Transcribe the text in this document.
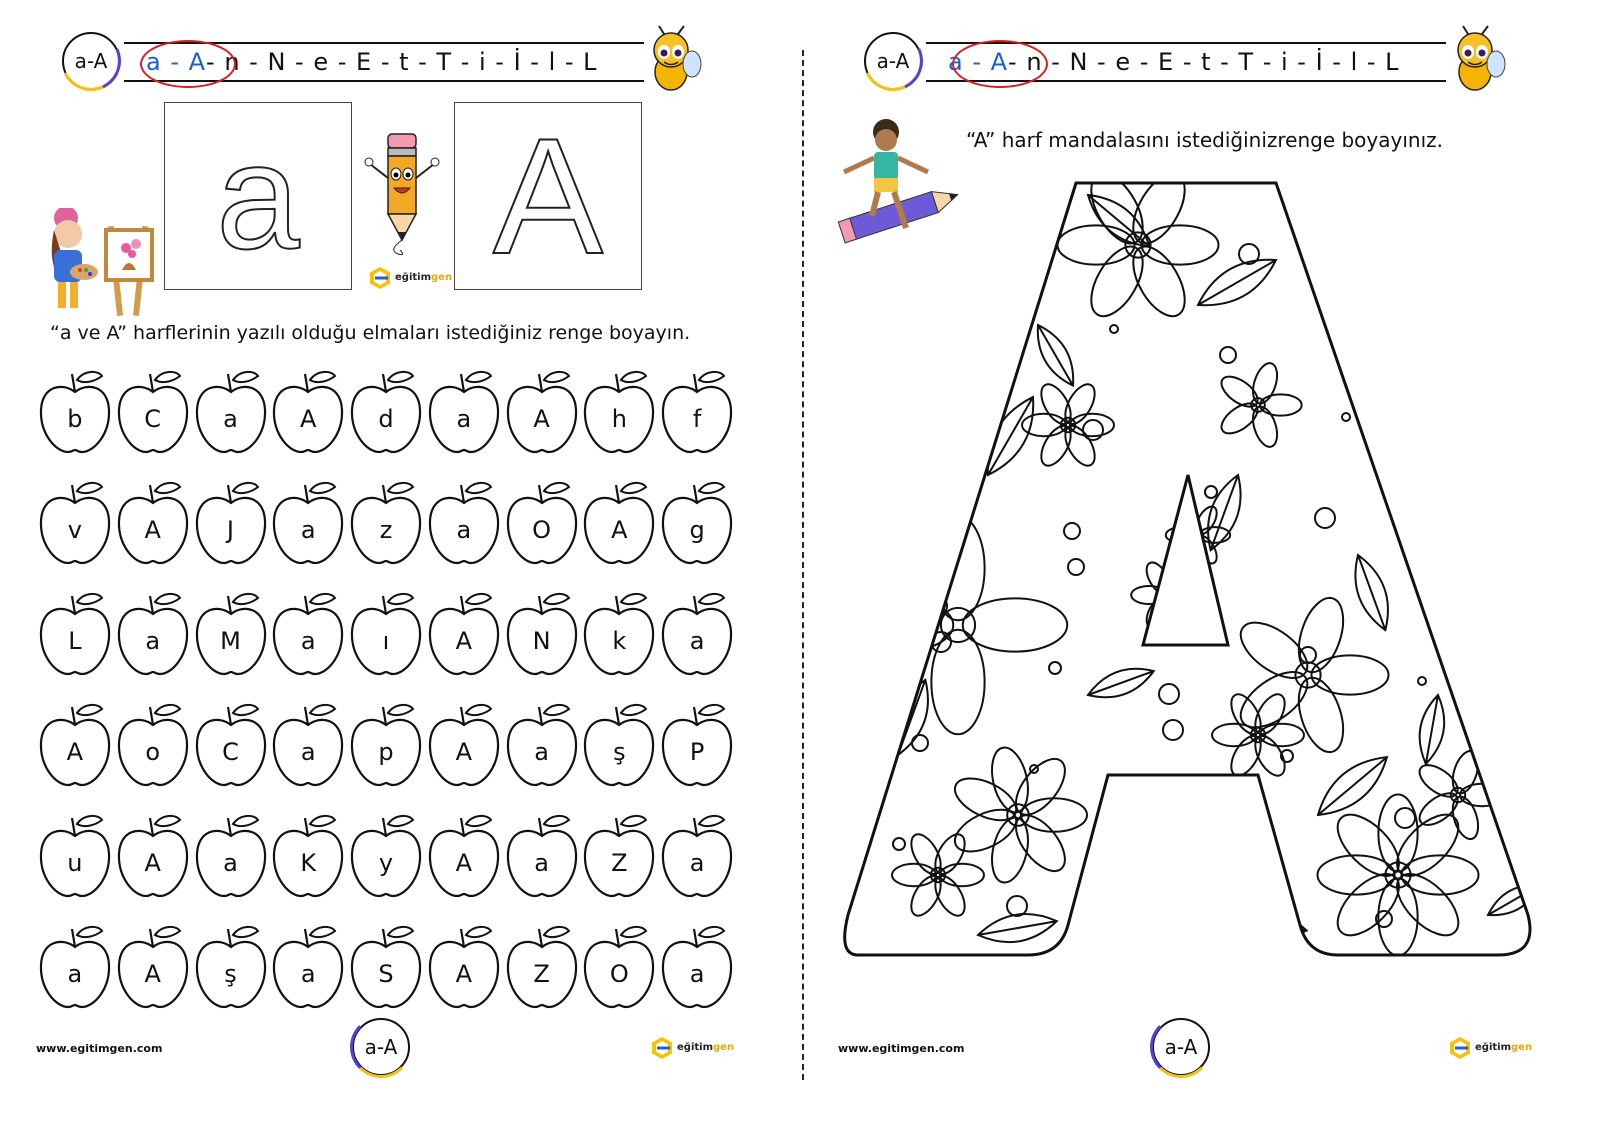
a-A a - A - n - N - e - E - t - T - i - İ - l - L
a	eğitimgen A
“a ve A” harflerinin yazılı olduğu elmaları istediğiniz renge boyayın.
b	C	a	A	d	a	A	h	f
v	A	J	a	z	a	O	A	g
L	a	M	a	ı	A	N	k	a
A	o	C	a	p	A	a	ş	P
u	A	a	K	y	A	a	Z	a
a	A	ş	a	S	A	Z	O	a
www.egitimgen.com	a-A	eğitimgen
a-A a - A - n - N - e - E - t - T - i - İ - l - L
“A” harf mandalasını istediğinizrenge boyayınız.
www.egitimgen.com	a-A	eğitimgen
